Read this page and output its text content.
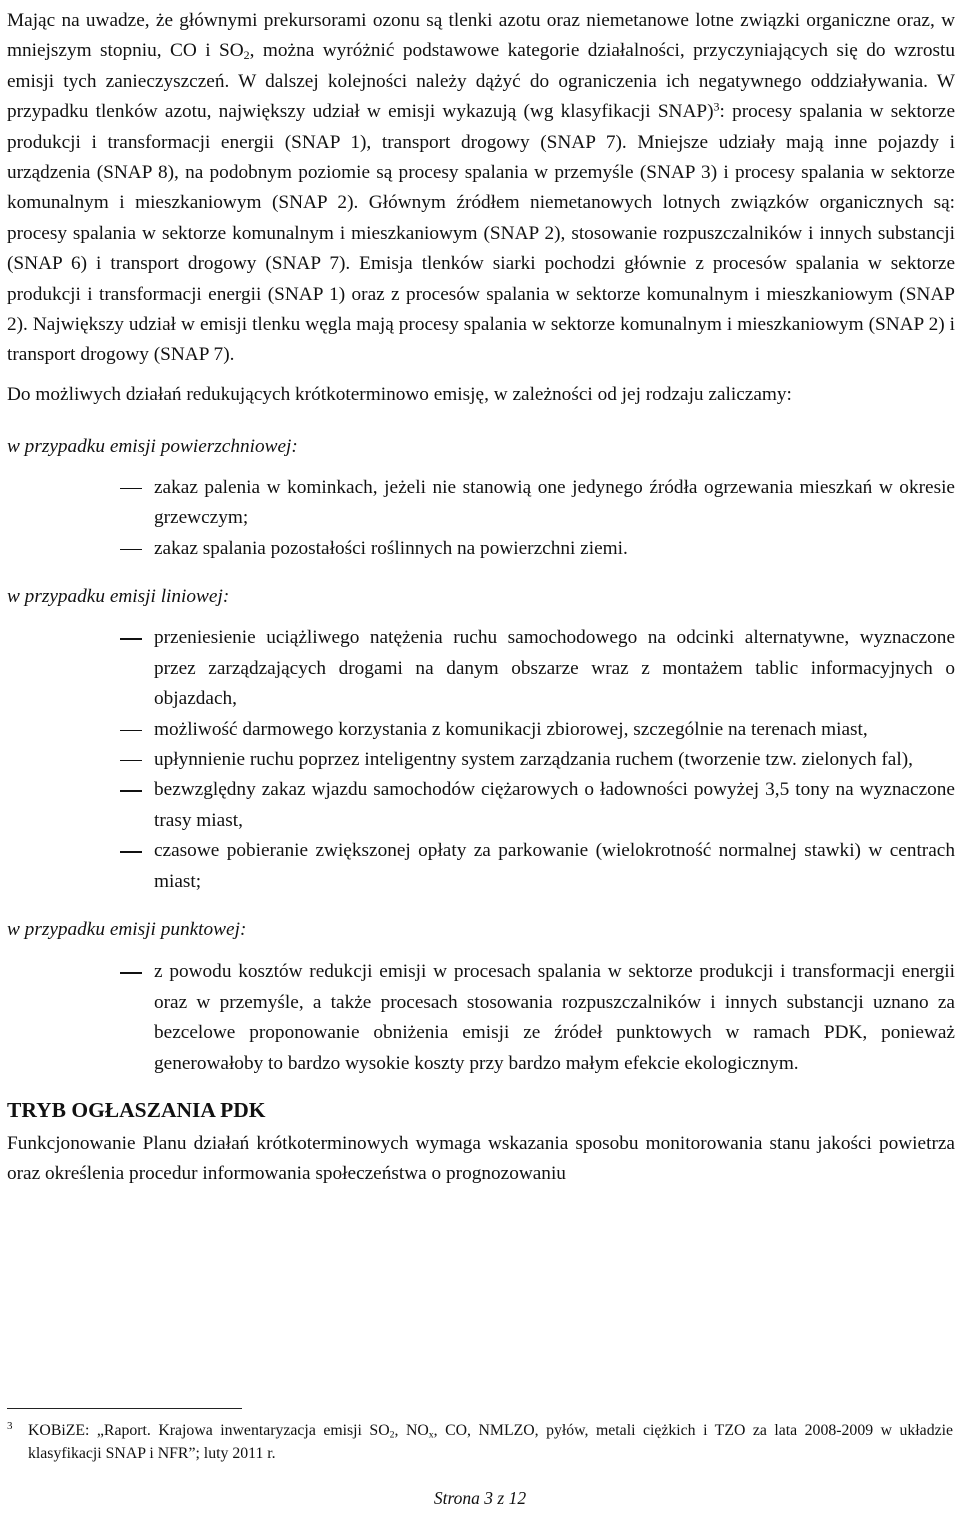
Mając na uwadze, że głównymi prekursorami ozonu są tlenki azotu oraz niemetanowe lotne związki organiczne oraz, w mniejszym stopniu, CO i $SO_2$, można wyróżnić podstawowe kategorie działalności, przyczyniających się do wzrostu emisji tych zanieczyszczeń. W dalszej kolejności należy dążyć do ograniczenia ich negatywnego oddziaływania. W przypadku tlenków azotu, największy udział w emisji wykazują (wg klasyfikacji SNAP)$^3$: procesy spalania w sektorze produkcji i transformacji energii (SNAP 1), transport drogowy (SNAP 7). Mniejsze udziały mają inne pojazdy i urządzenia (SNAP 8), na podobnym poziomie są procesy spalania w przemyśle (SNAP 3) i procesy spalania w sektorze komunalnym i mieszkaniowym (SNAP 2). Głównym źródłem niemetanowych lotnych związków organicznych są: procesy spalania w sektorze komunalnym i mieszkaniowym (SNAP 2), stosowanie rozpuszczalników i innych substancji (SNAP 6) i transport drogowy (SNAP 7). Emisja tlenków siarki pochodzi głównie z procesów spalania w sektorze produkcji i transformacji energii (SNAP 1) oraz z procesów spalania w sektorze komunalnym i mieszkaniowym (SNAP 2). Największy udział w emisji tlenku węgla mają procesy spalania w sektorze komunalnym i mieszkaniowym (SNAP 2) i transport drogowy (SNAP 7).

Do możliwych działań redukujących krótkoterminowo emisję, w zależności od jej rodzaju zaliczamy:

w przypadku emisji powierzchniowej:

zakaz palenia w kominkach, jeżeli nie stanowią one jedynego źródła ogrzewania mieszkań w okresie grzewczym;
zakaz spalania pozostałości roślinnych na powierzchni ziemi.

w przypadku emisji liniowej:

przeniesienie uciążliwego natężenia ruchu samochodowego na odcinki alternatywne, wyznaczone przez zarządzających drogami na danym obszarze wraz z montażem tablic informacyjnych o objazdach,
możliwość darmowego korzystania z komunikacji zbiorowej, szczególnie na terenach miast,
upłynnienie ruchu poprzez inteligentny system zarządzania ruchem (tworzenie tzw. zielonych fal),
bezwzględny zakaz wjazdu samochodów ciężarowych o ładowności powyżej 3,5 tony na wyznaczone trasy miast,
czasowe pobieranie zwiększonej opłaty za parkowanie (wielokrotność normalnej stawki) w centrach miast;

w przypadku emisji punktowej:

z powodu kosztów redukcji emisji w procesach spalania w sektorze produkcji i transformacji energii oraz w przemyśle, a także procesach stosowania rozpuszczalników i innych substancji uznano za bezcelowe proponowanie obniżenia emisji ze źródeł punktowych w ramach PDK, ponieważ generowałoby to bardzo wysokie koszty przy bardzo małym efekcie ekologicznym.

TRYB OGŁASZANIA PDK

Funkcjonowanie Planu działań krótkoterminowych wymaga wskazania sposobu monitorowania stanu jakości powietrza oraz określenia procedur informowania społeczeństwa o prognozowaniu

3 KOBiZE: „Raport. Krajowa inwentaryzacja emisji $SO_2$, $NO_x$, CO, NMLZO, pyłów, metali ciężkich i TZO za lata 2008-2009 w układzie klasyfikacji SNAP i NFR”; luty 2011 r.
Strona 3 z 12
